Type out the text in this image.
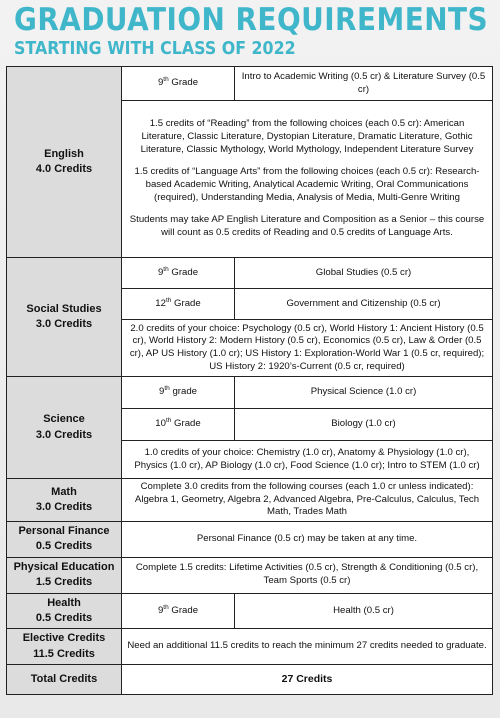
GRADUATION REQUIREMENTS
STARTING WITH CLASS OF 2022
English
4.0 Credits	9th Grade	Intro to Academic Writing (0.5 cr) & Literature Survey (0.5 cr)

	1.5 credits of “Reading” from the following choices (each 0.5 cr): American Literature, Classic Literature, Dystopian Literature, Dramatic Literature, Gothic Literature, Classic Mythology, World Mythology, Independent Literature Survey

1.5 credits of “Language Arts” from the following choices (each 0.5 cr): Research-based Academic Writing, Analytical Academic Writing, Oral Communications (required), Understanding Media, Analysis of Media, Multi-Genre Writing

Students may take AP English Literature and Composition as a Senior – this course will count as 0.5 credits of Reading and 0.5 credits of Language Arts.	

Social Studies
3.0 Credits	9th Grade	Global Studies (0.5 cr)
	12th Grade	Government and Citizenship (0.5 cr)
	2.0 credits of your choice: Psychology (0.5 cr), World History 1: Ancient History (0.5 cr), World History 2: Modern History (0.5 cr), Economics (0.5 cr), Law & Order (0.5 cr), AP US History (1.0 cr); US History 1: Exploration-World War 1 (0.5 cr, required); US History 2: 1920’s-Current (0.5 cr, required)	

Science
3.0 Credits	9th grade	Physical Science (1.0 cr)
	10th Grade	Biology (1.0 cr)
	1.0 credits of your choice: Chemistry (1.0 cr), Anatomy & Physiology (1.0 cr), Physics (1.0 cr), AP Biology (1.0 cr), Food Science (1.0 cr); Intro to STEM (1.0 cr)	

Math
3.0 Credits	Complete 3.0 credits from the following courses (each 1.0 cr unless indicated): Algebra 1, Geometry, Algebra 2, Advanced Algebra, Pre-Calculus, Calculus, Tech Math, Trades Math	

Personal Finance
0.5 Credits	Personal Finance (0.5 cr) may be taken at any time.	

Physical Education
1.5 Credits	Complete 1.5 credits: Lifetime Activities (0.5 cr), Strength & Conditioning (0.5 cr), Team Sports (0.5 cr)	

Health
0.5 Credits	9th Grade	Health (0.5 cr)

Elective Credits
11.5 Credits	Need an additional 11.5 credits to reach the minimum 27 credits needed to graduate.	
Total Credits	27 Credits	
